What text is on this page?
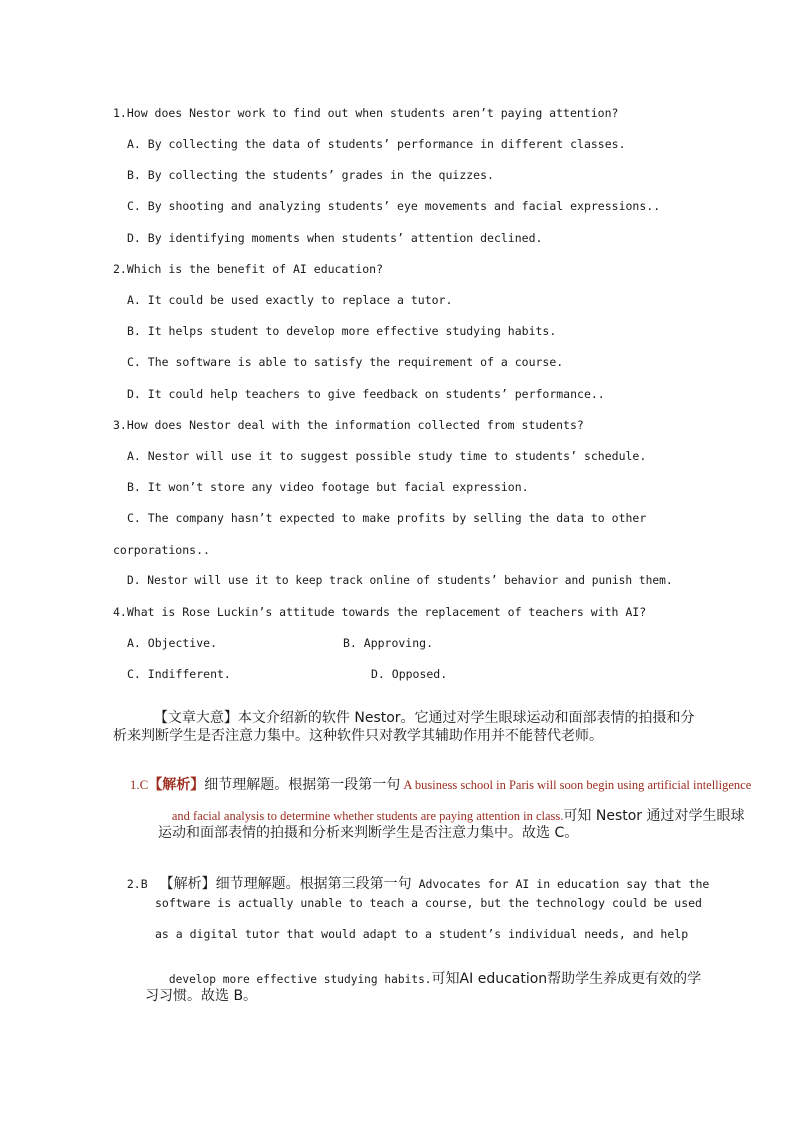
1.How does Nestor work to find out when students aren’t paying attention?
A. By collecting the data of students’ performance in different classes.
B. By collecting the students’ grades in the quizzes.
C. By shooting and analyzing students’ eye movements and facial expressions..
D. By identifying moments when students’ attention declined.
2.Which is the benefit of AI education?
A. It could be used exactly to replace a tutor.
B. It helps student to develop more effective studying habits.
C. The software is able to satisfy the requirement of a course.
D. It could help teachers to give feedback on students’ performance..
3.How does Nestor deal with the information collected from students?
A. Nestor will use it to suggest possible study time to students’ schedule.
B. It won’t store any video footage but facial expression.
C. The company hasn’t expected to make profits by selling the data to other
corporations..
D. Nestor will use it to keep track online of students’ behavior and punish them.
4.What is Rose Luckin’s attitude towards the replacement of teachers with AI?
A. Objective.	B. Approving.
C. Indifferent.	D. Opposed.

【文章大意】本文介绍新的软件 Nestor。它通过对学生眼球运动和面部表情的拍摄和分

析来判断学生是否注意力集中。这种软件只对教学其辅助作用并不能替代老师。

1.C【解析】细节理解题。根据第一段第一句 A business school in Paris will soon begin using artificial intelligence

and facial analysis to determine whether students are paying attention in class.可知 Nestor 通过对学生眼球

运动和面部表情的拍摄和分析来判断学生是否注意力集中。故选 C。

2.B 【解析】细节理解题。根据第三段第一句 Advocates for AI in education say that the

software is actually unable to teach a course, but the technology could be used
as a digital tutor that would adapt to a student’s individual needs, and help

develop more effective studying habits.可知AI education帮助学生养成更有效的学

习习惯。故选 B。
